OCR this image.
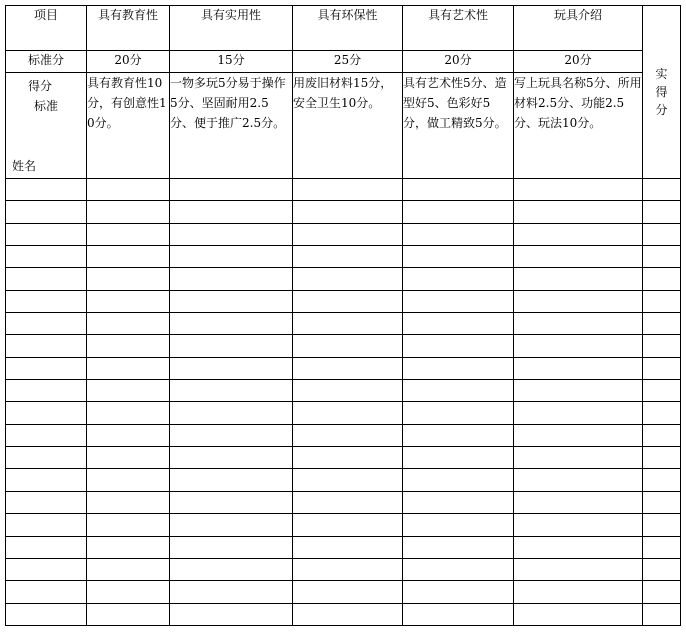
项目	具有教育性	具有实用性	具有环保性	具有艺术性	玩具介绍	实得分

标准分	20分	15分	25分	20分	20分	

得分
标准
姓名	具有教育性10分，有创意性10分。	一物多玩5分易于操作5分、坚固耐用2.5分、便于推广2.5分。	用废旧材料15分，安全卫生10分。	具有艺术性5分、造型好5、色彩好5分，做工精致5分。	写上玩具名称5分、所用材料2.5分、功能2.5分、玩法10分。	
